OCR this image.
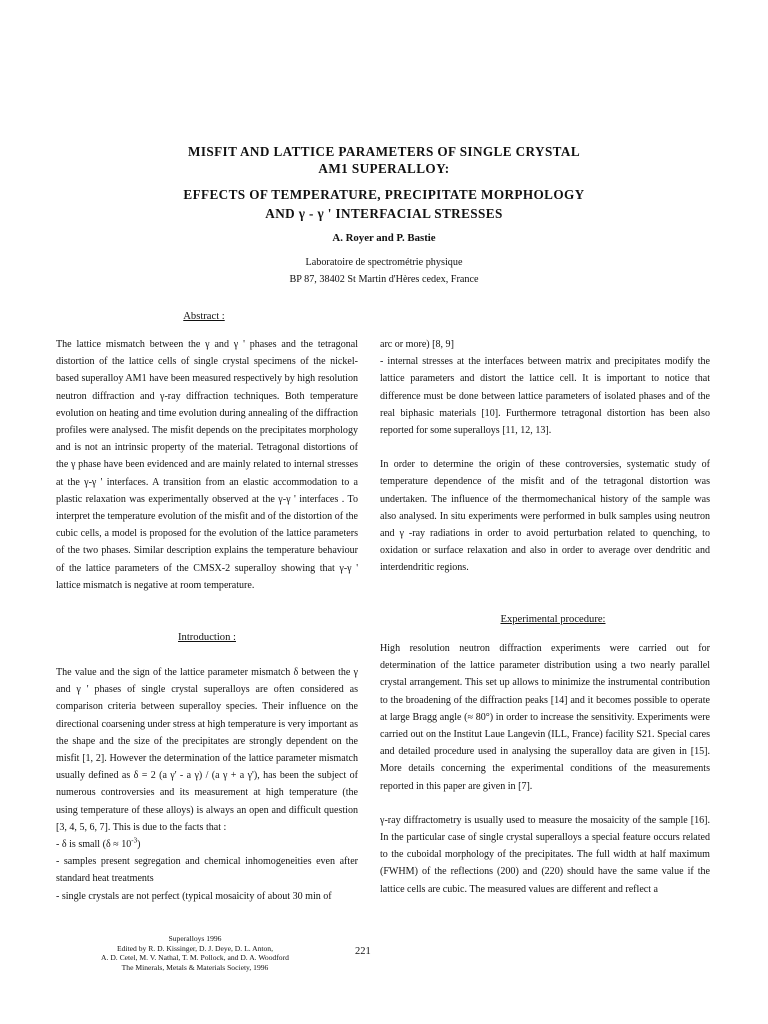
MISFIT AND LATTICE PARAMETERS OF SINGLE CRYSTAL
AM1 SUPERALLOY:
EFFECTS OF TEMPERATURE, PRECIPITATE MORPHOLOGY
AND γ - γ ' INTERFACIAL STRESSES
A. Royer and P. Bastie
Laboratoire de spectrométrie physique
BP 87, 38402 St Martin d'Hères cedex, France
Abstract :

The lattice mismatch between the γ and γ ' phases and the tetragonal distortion of the lattice cells of single crystal specimens of the nickel-based superalloy AM1 have been measured respectively by high resolution neutron diffraction and γ-ray diffraction techniques. Both temperature evolution on heating and time evolution during annealing of the diffraction profiles were analysed. The misfit depends on the precipitates morphology and is not an intrinsic property of the material. Tetragonal distortions of the γ phase have been evidenced and are mainly related to internal stresses at the γ-γ ' interfaces. A transition from an elastic accommodation to a plastic relaxation was experimentally observed at the γ-γ ' interfaces . To interpret the temperature evolution of the misfit and of the distortion of the cubic cells, a model is proposed for the evolution of the lattice parameters of the two phases. Similar description explains the temperature behaviour of the lattice parameters of the CMSX-2 superalloy showing that γ-γ ' lattice mismatch is negative at room temperature.

Introduction :

The value and the sign of the lattice parameter mismatch δ between the γ and γ ' phases of single crystal superalloys are often considered as comparison criteria between superalloy species. Their influence on the directional coarsening under stress at high temperature is very important as the shape and the size of the precipitates are strongly dependent on the misfit [1, 2]. However the determination of the lattice parameter mismatch usually defined as δ = 2 (a γ' - a γ) / (a γ + a γ'), has been the subject of numerous controversies and its measurement at high temperature (the using temperature of these alloys) is always an open and difficult question [3, 4, 5, 6, 7]. This is due to the facts that :

- δ is small $(\delta \approx 10^{-3})$

- samples present segregation and chemical inhomogeneities even after standard heat treatments

- single crystals are not perfect (typical mosaicity of about 30 min of

arc or more) [8, 9]

- internal stresses at the interfaces between matrix and precipitates modify the lattice parameters and distort the lattice cell. It is important to notice that difference must be done between lattice parameters of isolated phases and of the real biphasic materials [10]. Furthermore tetragonal distortion has been also reported for some superalloys [11, 12, 13].

In order to determine the origin of these controversies, systematic study of temperature dependence of the misfit and of the tetragonal distortion was undertaken. The influence of the thermomechanical history of the sample was also analysed. In situ experiments were performed in bulk samples using neutron and γ -ray radiations in order to avoid perturbation related to quenching, to oxidation or surface relaxation and also in order to average over dendritic and interdendritic regions.

Experimental procedure:

High resolution neutron diffraction experiments were carried out for determination of the lattice parameter distribution using a two nearly parallel crystal arrangement. This set up allows to minimize the instrumental contribution to the broadening of the diffraction peaks [14] and it becomes possible to operate at large Bragg angle (≈ 80°) in order to increase the sensitivity. Experiments were carried out on the Institut Laue Langevin (ILL, France) facility S21. Special cares and detailed procedure used in analysing the superalloy data are given in [15]. More details concerning the experimental conditions of the measurements reported in this paper are given in [7].

γ-ray diffractometry is usually used to measure the mosaicity of the sample [16]. In the particular case of single crystal superalloys a special feature occurs related to the cuboidal morphology of the precipitates. The full width at half maximum (FWHM) of the reflections (200) and (220) should have the same value if the lattice cells are cubic. The measured values are different and reflect a

Superalloys 1996
Edited by R. D. Kissinger, D. J. Deye, D. L. Anton,
A. D. Cetel, M. V. Nathal, T. M. Pollock, and D. A. Woodford
The Minerals, Metals & Materials Society, 1996
221
